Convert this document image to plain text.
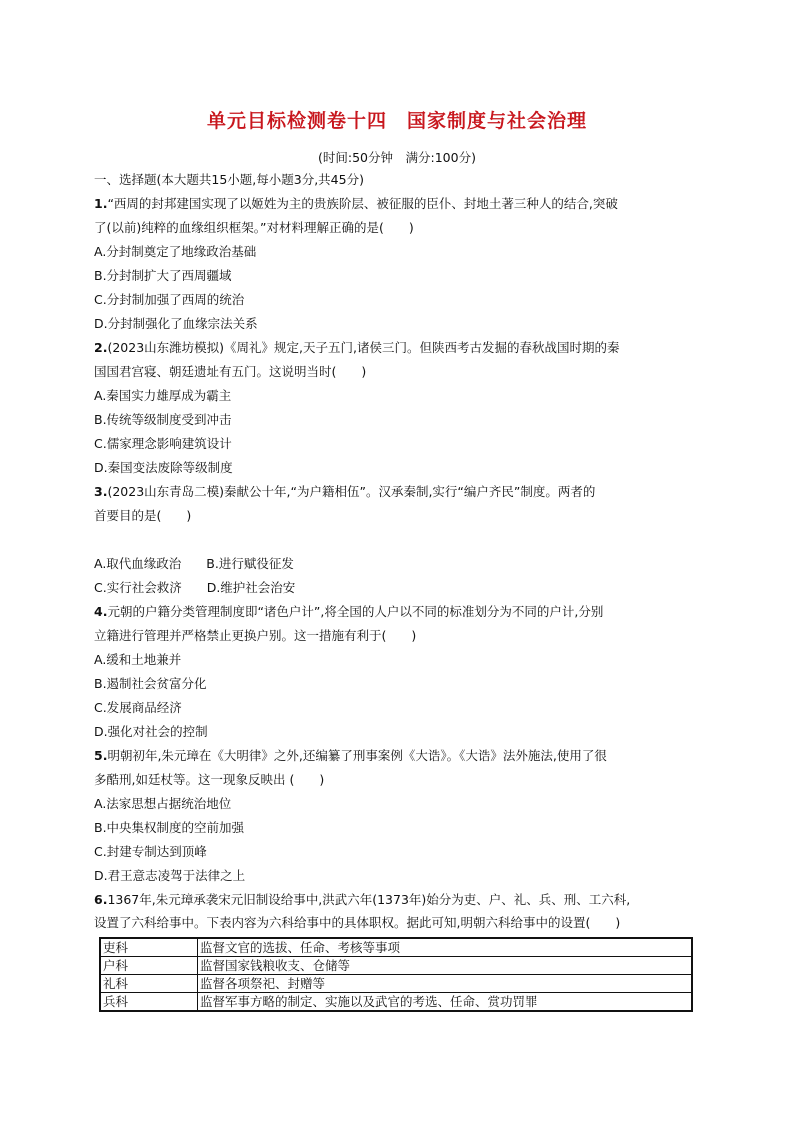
单元目标检测卷十四　国家制度与社会治理
(时间:50分钟　满分:100分)
一、选择题(本大题共15小题,每小题3分,共45分)
1.“西周的封邦建国实现了以姬姓为主的贵族阶层、被征服的臣仆、封地土著三种人的结合,突破
了(以前)纯粹的血缘组织框架。”对材料理解正确的是(　　)
A.分封制奠定了地缘政治基础
B.分封制扩大了西周疆域
C.分封制加强了西周的统治
D.分封制强化了血缘宗法关系
2.(2023山东潍坊模拟)《周礼》规定,天子五门,诸侯三门。但陕西考古发掘的春秋战国时期的秦
国国君宫寝、朝廷遗址有五门。这说明当时(　　)
A.秦国实力雄厚成为霸主
B.传统等级制度受到冲击
C.儒家理念影响建筑设计
D.秦国变法废除等级制度
3.(2023山东青岛二模)秦献公十年,“为户籍相伍”。汉承秦制,实行“编户齐民”制度。两者的
首要目的是(　　)
A.取代血缘政治　　B.进行赋役征发
C.实行社会救济　　D.维护社会治安
4.元朝的户籍分类管理制度即“诸色户计”,将全国的人户以不同的标准划分为不同的户计,分别
立籍进行管理并严格禁止更换户别。这一措施有利于(　　)
A.缓和土地兼并
B.遏制社会贫富分化
C.发展商品经济
D.强化对社会的控制
5.明朝初年,朱元璋在《大明律》之外,还编纂了刑事案例《大诰》。《大诰》法外施法,使用了很
多酷刑,如廷杖等。这一现象反映出 (　　)
A.法家思想占据统治地位
B.中央集权制度的空前加强
C.封建专制达到顶峰
D.君王意志凌驾于法律之上
6.1367年,朱元璋承袭宋元旧制设给事中,洪武六年(1373年)始分为吏、户、礼、兵、刑、工六科,
设置了六科给事中。下表内容为六科给事中的具体职权。据此可知,明朝六科给事中的设置(　　)
吏科	监督文官的选拔、任命、考核等事项
户科	监督国家钱粮收支、仓储等
礼科	监督各项祭祀、封赠等
兵科	监督军事方略的制定、实施以及武官的考选、任命、赏功罚罪
